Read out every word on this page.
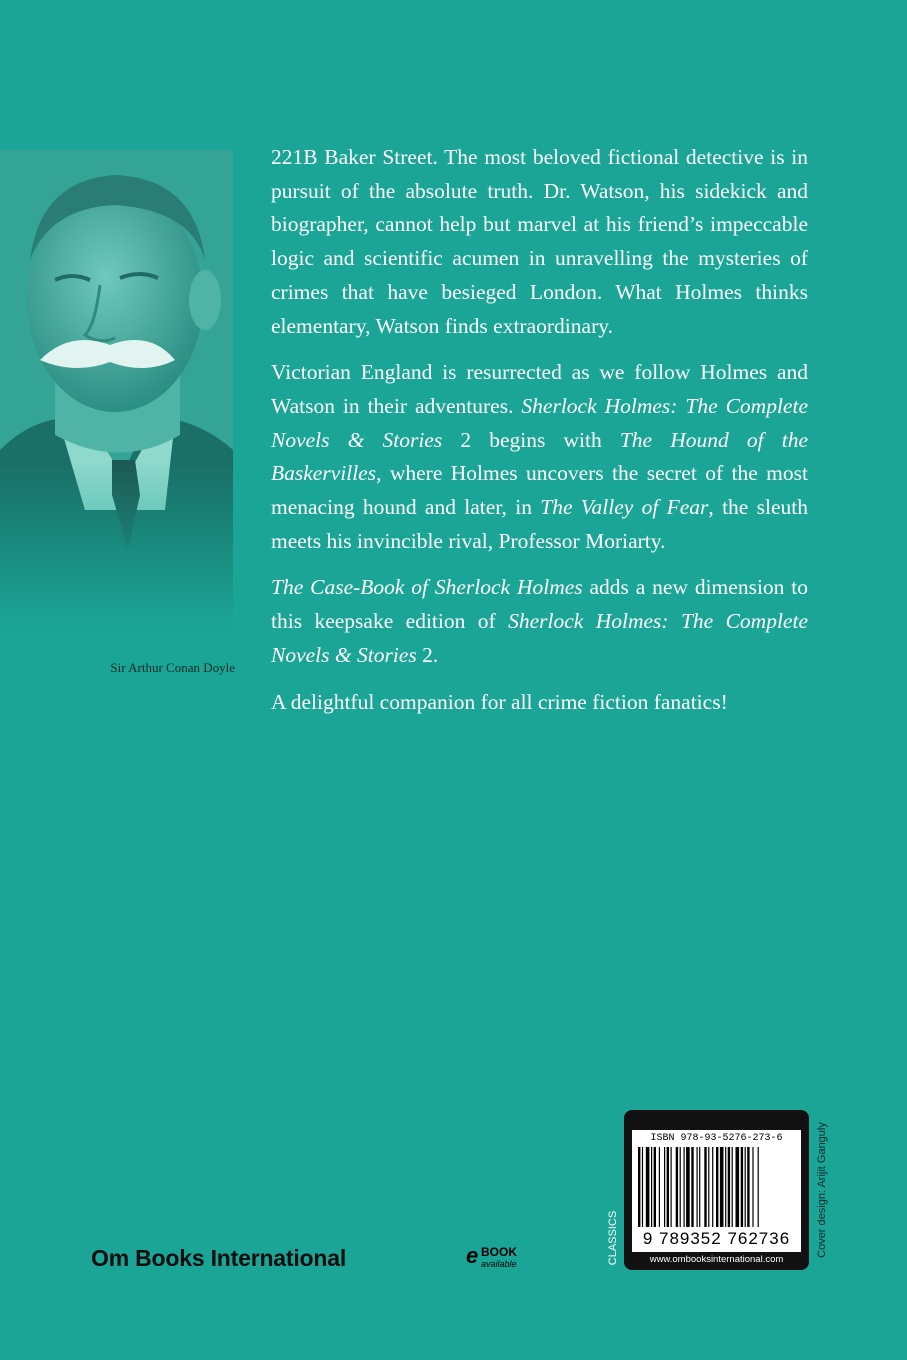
Sir Arthur Conan Doyle

221B Baker Street. The most beloved fictional detective is in pursuit of the absolute truth. Dr. Watson, his sidekick and biographer, cannot help but marvel at his friend’s impeccable logic and scientific acumen in unravelling the mysteries of crimes that have besieged London. What Holmes thinks elementary, Watson finds extraordinary.

Victorian England is resurrected as we follow Holmes and Watson in their adventures. Sherlock Holmes: The Complete Novels & Stories 2 begins with The Hound of the Baskervilles, where Holmes uncovers the secret of the most menacing hound and later, in The Valley of Fear, the sleuth meets his invincible rival, Professor Moriarty.

The Case-Book of Sherlock Holmes adds a new dimension to this keepsake edition of Sherlock Holmes: The Complete Novels & Stories 2.

A delightful companion for all crime fiction fanatics!

Om Books International	e BOOK
available	CLASSICS
ISBN 978-93-5276-273-6
9 789352 762736
www.ombooksinternational.com
Cover design: Arijit Ganguly
